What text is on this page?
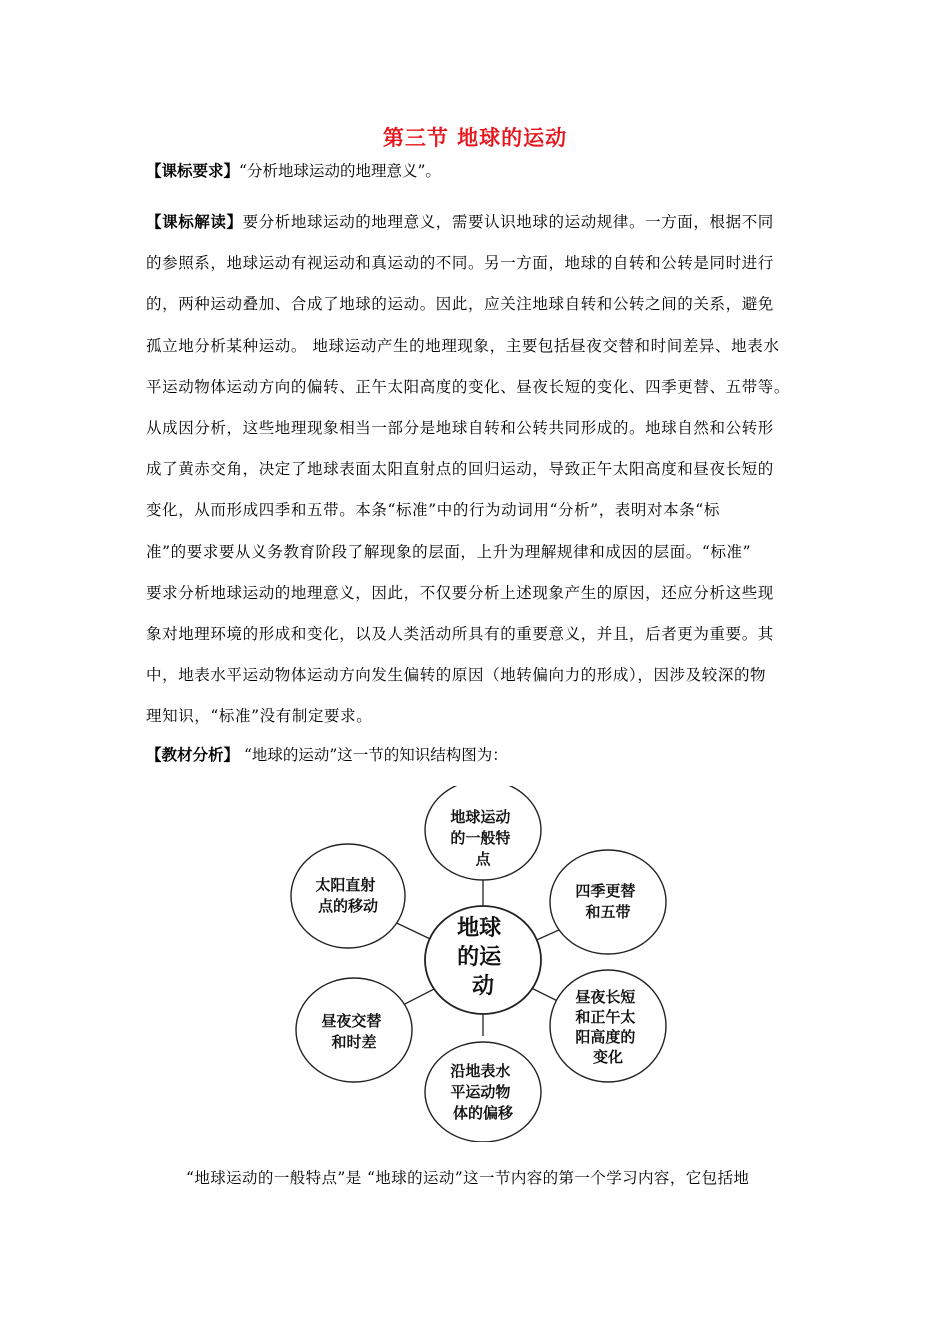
第三节 地球的运动
【课标要求】“分析地球运动的地理意义”。

【课标解读】要分析地球运动的地理意义，需要认识地球的运动规律。一方面，根据不同

的参照系，地球运动有视运动和真运动的不同。另一方面，地球的自转和公转是同时进行

的，两种运动叠加、合成了地球的运动。因此，应关注地球自转和公转之间的关系，避免

孤立地分析某种运动。 地球运动产生的地理现象，主要包括昼夜交替和时间差异、地表水

平运动物体运动方向的偏转、正午太阳高度的变化、昼夜长短的变化、四季更替、五带等。

从成因分析，这些地理现象相当一部分是地球自转和公转共同形成的。地球自然和公转形

成了黄赤交角，决定了地球表面太阳直射点的回归运动，导致正午太阳高度和昼夜长短的

变化，从而形成四季和五带。本条“标准”中的行为动词用“分析”，表明对本条“标

准”的要求要从义务教育阶段了解现象的层面，上升为理解规律和成因的层面。“标准”

要求分析地球运动的地理意义，因此，不仅要分析上述现象产生的原因，还应分析这些现

象对地理环境的形成和变化，以及人类活动所具有的重要意义，并且，后者更为重要。其

中，地表水平运动物体运动方向发生偏转的原因（地转偏向力的形成），因涉及较深的物

理知识，“标准”没有制定要求。

【教材分析】 “地球的运动”这一节的知识结构图为：
地球运动 的一般特 点
四季更替 和五带
昼夜长短 和正午太 阳高度的 变化
沿地表水 平运动物 体的偏移
昼夜交替 和时差
太阳直射 点的移动
地球 的运 动
“地球运动的一般特点”是 “地球的运动”这一节内容的第一个学习内容，它包括地
